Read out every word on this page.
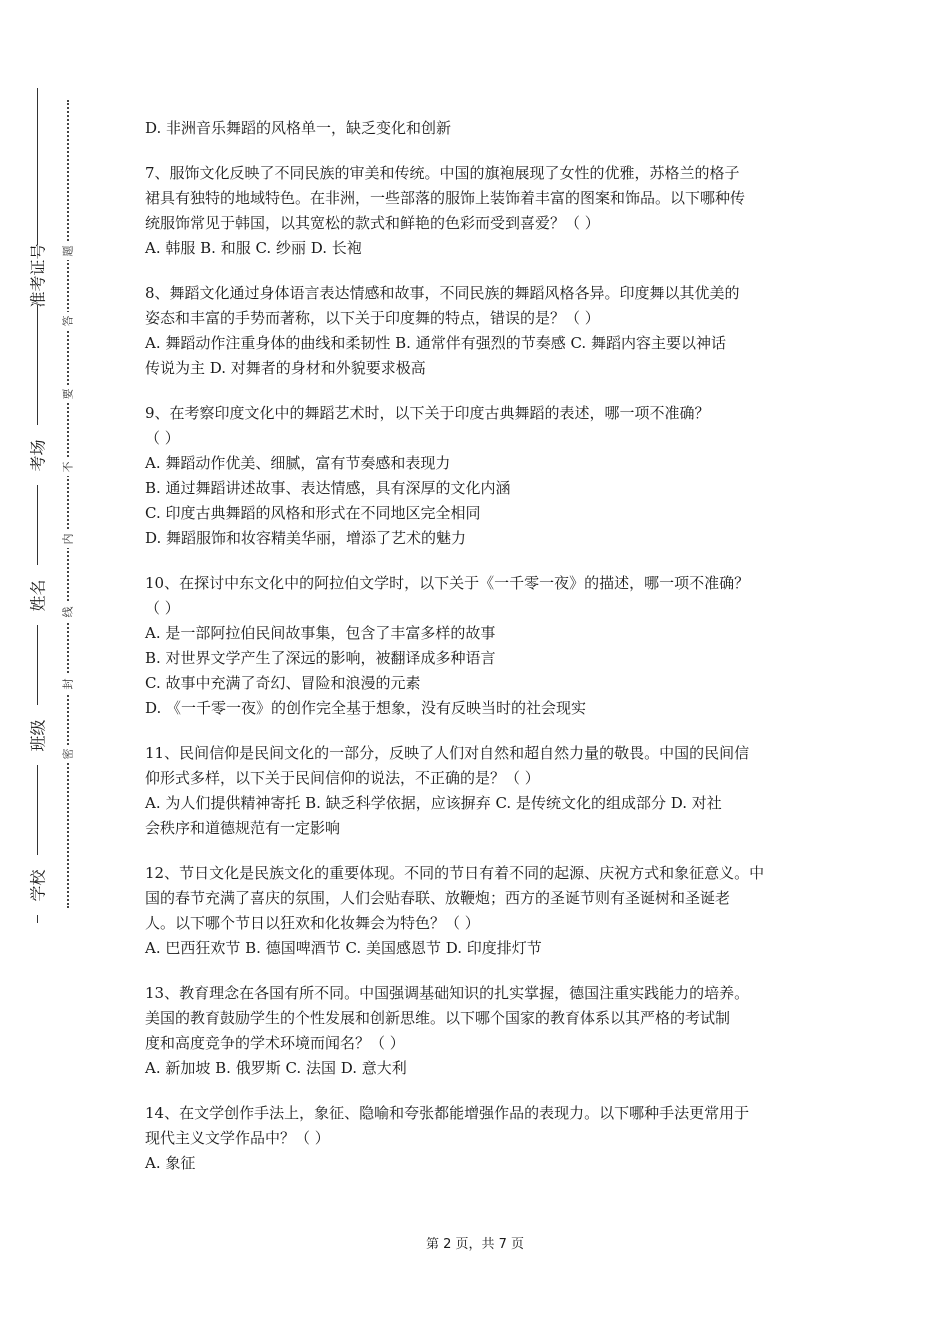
准考证号
考场
姓名
班级
学校
题
答
要
不
内
线
封
密

D. 非洲音乐舞蹈的风格单一，缺乏变化和创新

7、服饰文化反映了不同民族的审美和传统。中国的旗袍展现了女性的优雅，苏格兰的格子

裙具有独特的地域特色。在非洲，一些部落的服饰上装饰着丰富的图案和饰品。以下哪种传

统服饰常见于韩国，以其宽松的款式和鲜艳的色彩而受到喜爱？（ ）

A. 韩服 B. 和服 C. 纱丽 D. 长袍

8、舞蹈文化通过身体语言表达情感和故事，不同民族的舞蹈风格各异。印度舞以其优美的

姿态和丰富的手势而著称，以下关于印度舞的特点，错误的是？（ ）

A. 舞蹈动作注重身体的曲线和柔韧性 B. 通常伴有强烈的节奏感 C. 舞蹈内容主要以神话

传说为主 D. 对舞者的身材和外貌要求极高

9、在考察印度文化中的舞蹈艺术时，以下关于印度古典舞蹈的表述，哪一项不准确？

（ ）

A. 舞蹈动作优美、细腻，富有节奏感和表现力

B. 通过舞蹈讲述故事、表达情感，具有深厚的文化内涵

C. 印度古典舞蹈的风格和形式在不同地区完全相同

D. 舞蹈服饰和妆容精美华丽，增添了艺术的魅力

10、在探讨中东文化中的阿拉伯文学时，以下关于《一千零一夜》的描述，哪一项不准确？

（ ）

A. 是一部阿拉伯民间故事集，包含了丰富多样的故事

B. 对世界文学产生了深远的影响，被翻译成多种语言

C. 故事中充满了奇幻、冒险和浪漫的元素

D. 《一千零一夜》的创作完全基于想象，没有反映当时的社会现实

11、民间信仰是民间文化的一部分，反映了人们对自然和超自然力量的敬畏。中国的民间信

仰形式多样，以下关于民间信仰的说法，不正确的是？（ ）

A. 为人们提供精神寄托 B. 缺乏科学依据，应该摒弃 C. 是传统文化的组成部分 D. 对社

会秩序和道德规范有一定影响

12、节日文化是民族文化的重要体现。不同的节日有着不同的起源、庆祝方式和象征意义。中

国的春节充满了喜庆的氛围，人们会贴春联、放鞭炮；西方的圣诞节则有圣诞树和圣诞老

人。以下哪个节日以狂欢和化妆舞会为特色？（ ）

A. 巴西狂欢节 B. 德国啤酒节 C. 美国感恩节 D. 印度排灯节

13、教育理念在各国有所不同。中国强调基础知识的扎实掌握，德国注重实践能力的培养。

美国的教育鼓励学生的个性发展和创新思维。以下哪个国家的教育体系以其严格的考试制

度和高度竞争的学术环境而闻名？（ ）

A. 新加坡 B. 俄罗斯 C. 法国 D. 意大利

14、在文学创作手法上，象征、隐喻和夸张都能增强作品的表现力。以下哪种手法更常用于

现代主义文学作品中？（ ）

A. 象征

第 2 页，共 7 页
